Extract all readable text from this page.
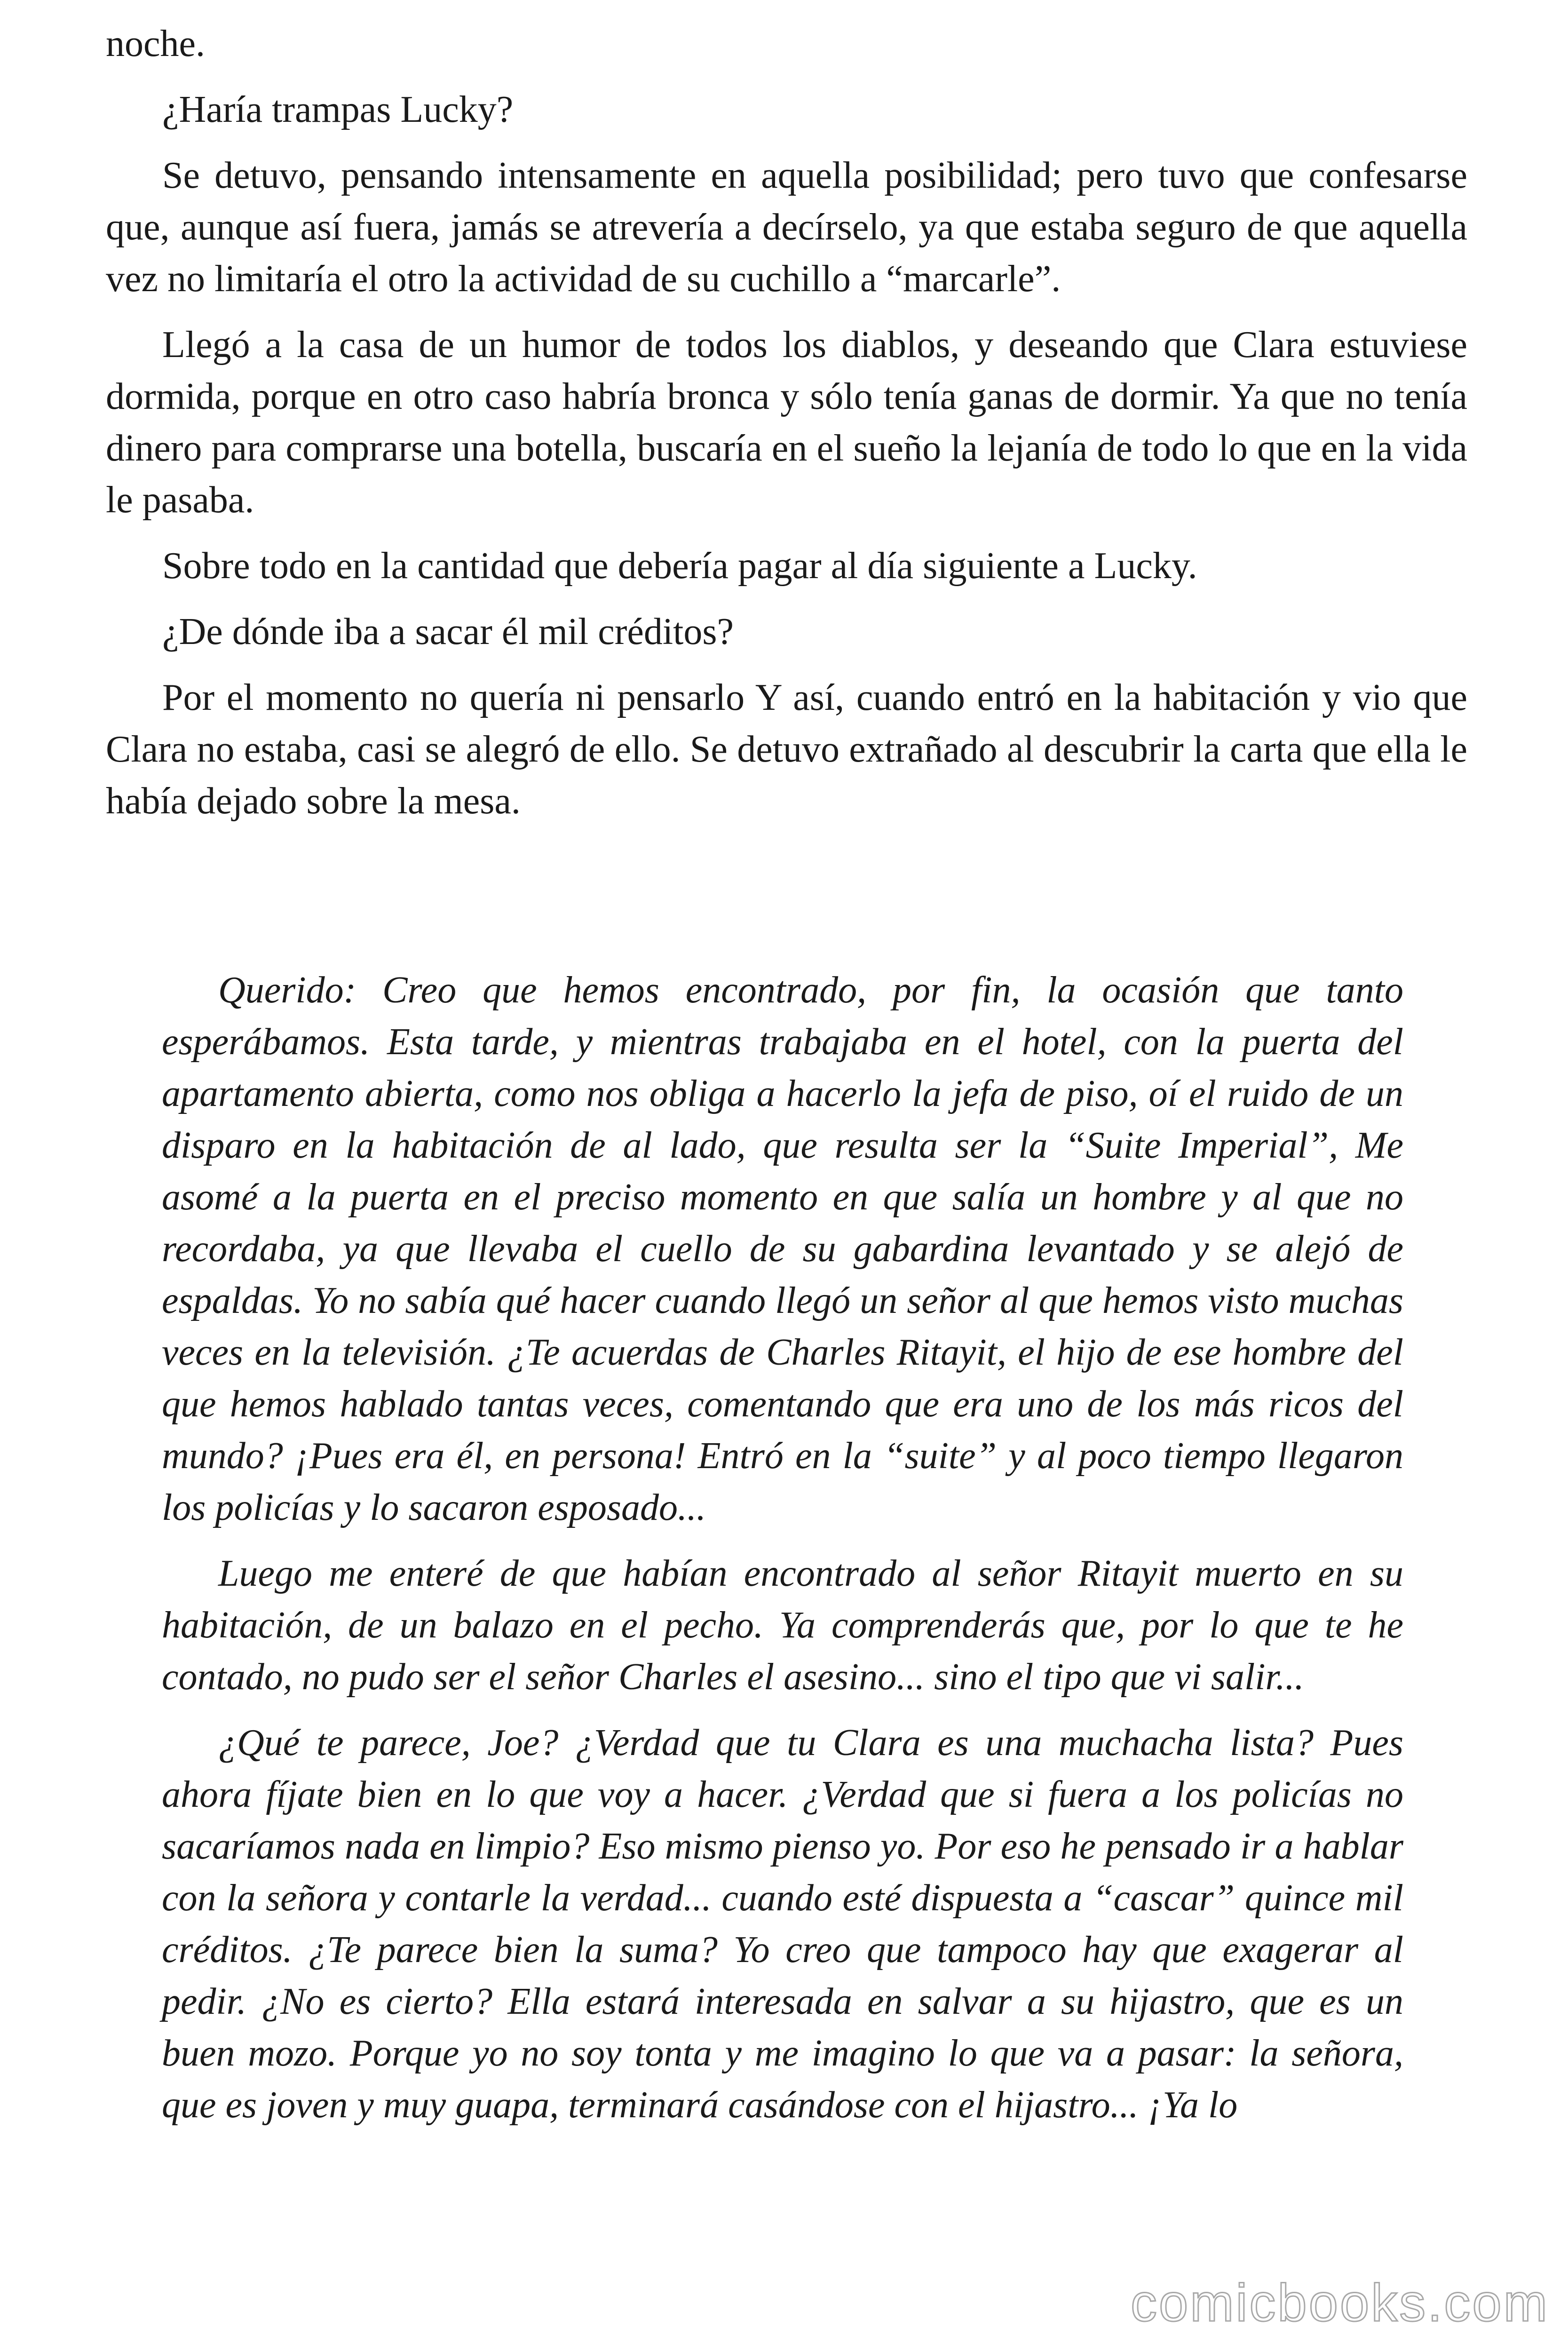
noche.

¿Haría trampas Lucky?

Se detuvo, pensando intensamente en aquella posibilidad; pero tuvo que confesarse que, aunque así fuera, jamás se atrevería a decírselo, ya que estaba seguro de que aquella vez no limitaría el otro la actividad de su cuchillo a “marcarle”.

Llegó a la casa de un humor de todos los diablos, y deseando que Clara estuviese dormida, porque en otro caso habría bronca y sólo tenía ganas de dormir. Ya que no tenía dinero para comprarse una botella, buscaría en el sueño la lejanía de todo lo que en la vida le pasaba.

Sobre todo en la cantidad que debería pagar al día siguiente a Lucky.

¿De dónde iba a sacar él mil créditos?

Por el momento no quería ni pensarlo Y así, cuando entró en la habitación y vio que Clara no estaba, casi se alegró de ello. Se detuvo extrañado al descubrir la carta que ella le había dejado sobre la mesa.

Querido: Creo que hemos encontrado, por fin, la ocasión que tanto esperábamos. Esta tarde, y mientras trabajaba en el hotel, con la puerta del apartamento abierta, como nos obliga a hacerlo la jefa de piso, oí el ruido de un disparo en la habitación de al lado, que resulta ser la “Suite Imperial”, Me asomé a la puerta en el preciso momento en que salía un hombre y al que no recordaba, ya que llevaba el cuello de su gabardina levantado y se alejó de espaldas. Yo no sabía qué hacer cuando llegó un señor al que hemos visto muchas veces en la televisión. ¿Te acuerdas de Charles Ritayit, el hijo de ese hombre del que hemos hablado tantas veces, comentando que era uno de los más ricos del mundo? ¡Pues era él, en persona! Entró en la “suite” y al poco tiempo llegaron los policías y lo sacaron esposado...

Luego me enteré de que habían encontrado al señor Ritayit muerto en su habitación, de un balazo en el pecho. Ya comprenderás que, por lo que te he contado, no pudo ser el señor Charles el asesino... sino el tipo que vi salir...

¿Qué te parece, Joe? ¿Verdad que tu Clara es una muchacha lista? Pues ahora fíjate bien en lo que voy a hacer. ¿Verdad que si fuera a los policías no sacaríamos nada en limpio? Eso mismo pienso yo. Por eso he pensado ir a hablar con la señora y contarle la verdad... cuando esté dispuesta a “cascar” quince mil créditos. ¿Te parece bien la suma? Yo creo que tampoco hay que exagerar al pedir. ¿No es cierto? Ella estará interesada en salvar a su hijastro, que es un buen mozo. Porque yo no soy tonta y me imagino lo que va a pasar: la señora, que es joven y muy guapa, terminará casándose con el hijastro... ¡Ya lo

comicbooks.com
